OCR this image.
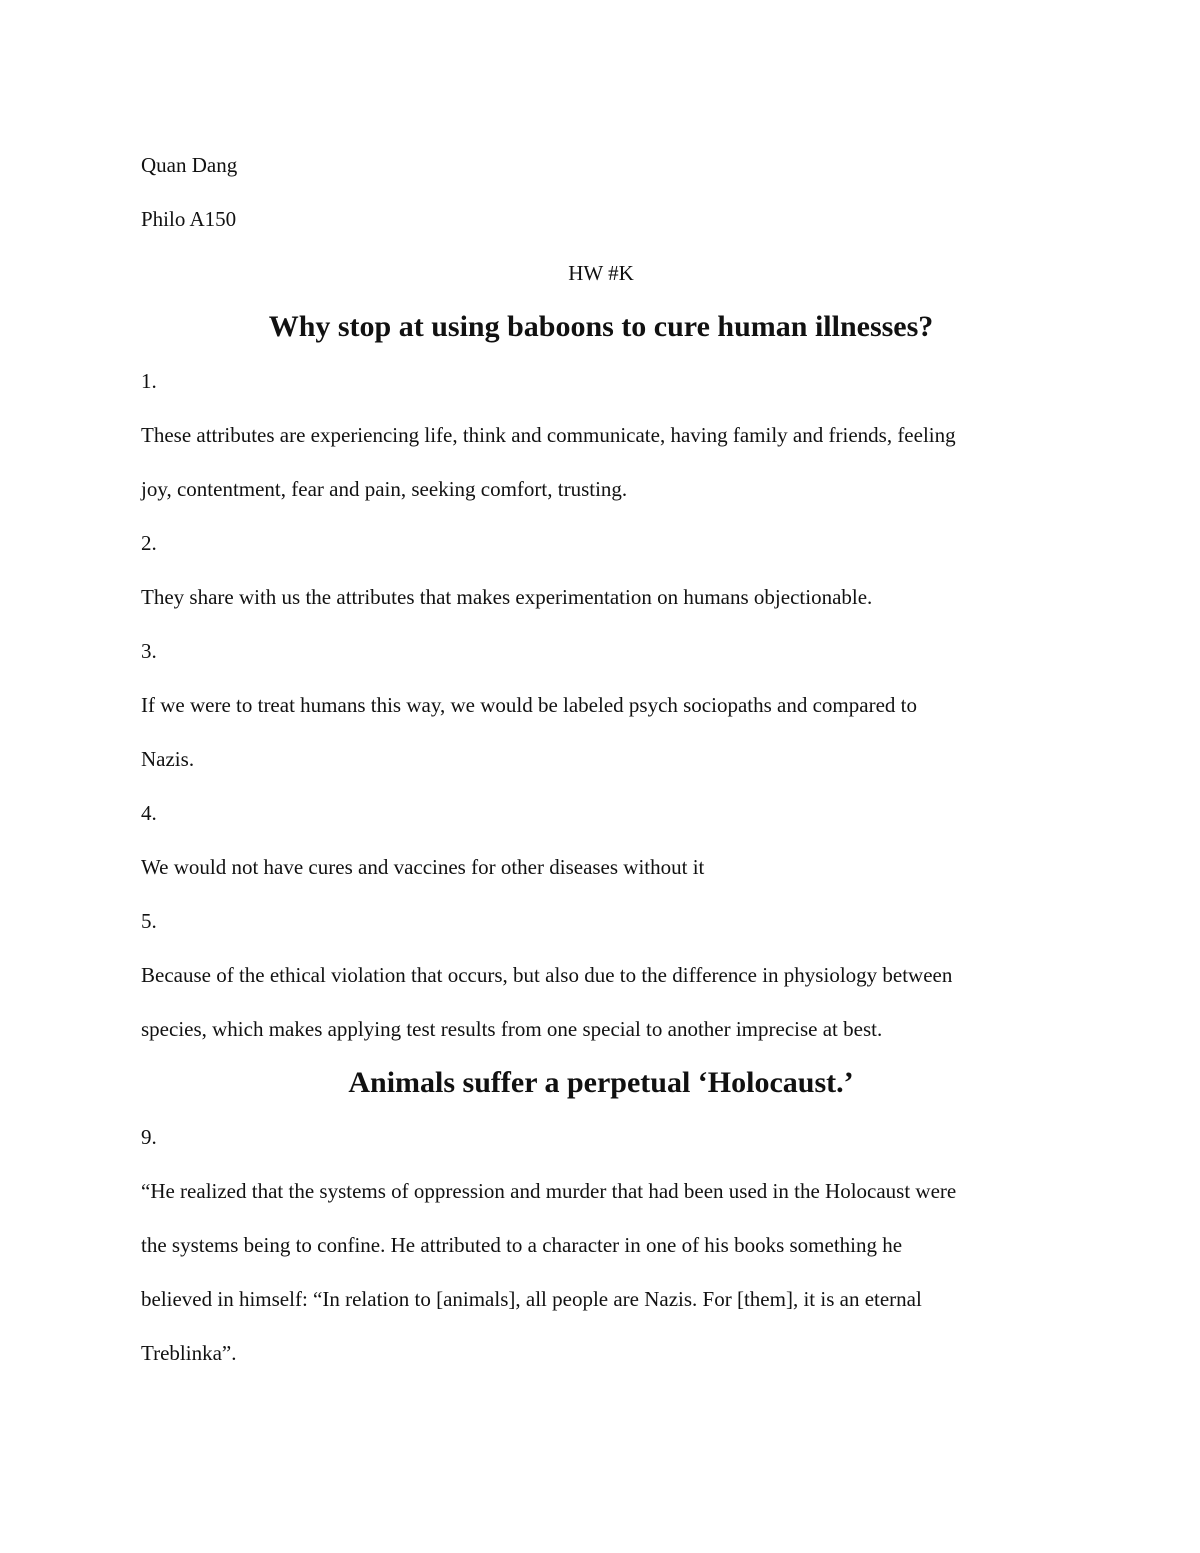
Quan Dang

Philo A150

HW #K

Why stop at using baboons to cure human illnesses?

1.

These attributes are experiencing life, think and communicate, having family and friends, feeling

joy, contentment, fear and pain, seeking comfort, trusting.

2.

They share with us the attributes that makes experimentation on humans objectionable.

3.

If we were to treat humans this way, we would be labeled psych sociopaths and compared to

Nazis.

4.

We would not have cures and vaccines for other diseases without it

5.

Because of the ethical violation that occurs, but also due to the difference in physiology between

species, which makes applying test results from one special to another imprecise at best.

Animals suffer a perpetual ‘Holocaust.’

9.

“He realized that the systems of oppression and murder that had been used in the Holocaust were

the systems being to confine. He attributed to a character in one of his books something he

believed in himself: “In relation to [animals], all people are Nazis. For [them], it is an eternal

Treblinka”.
